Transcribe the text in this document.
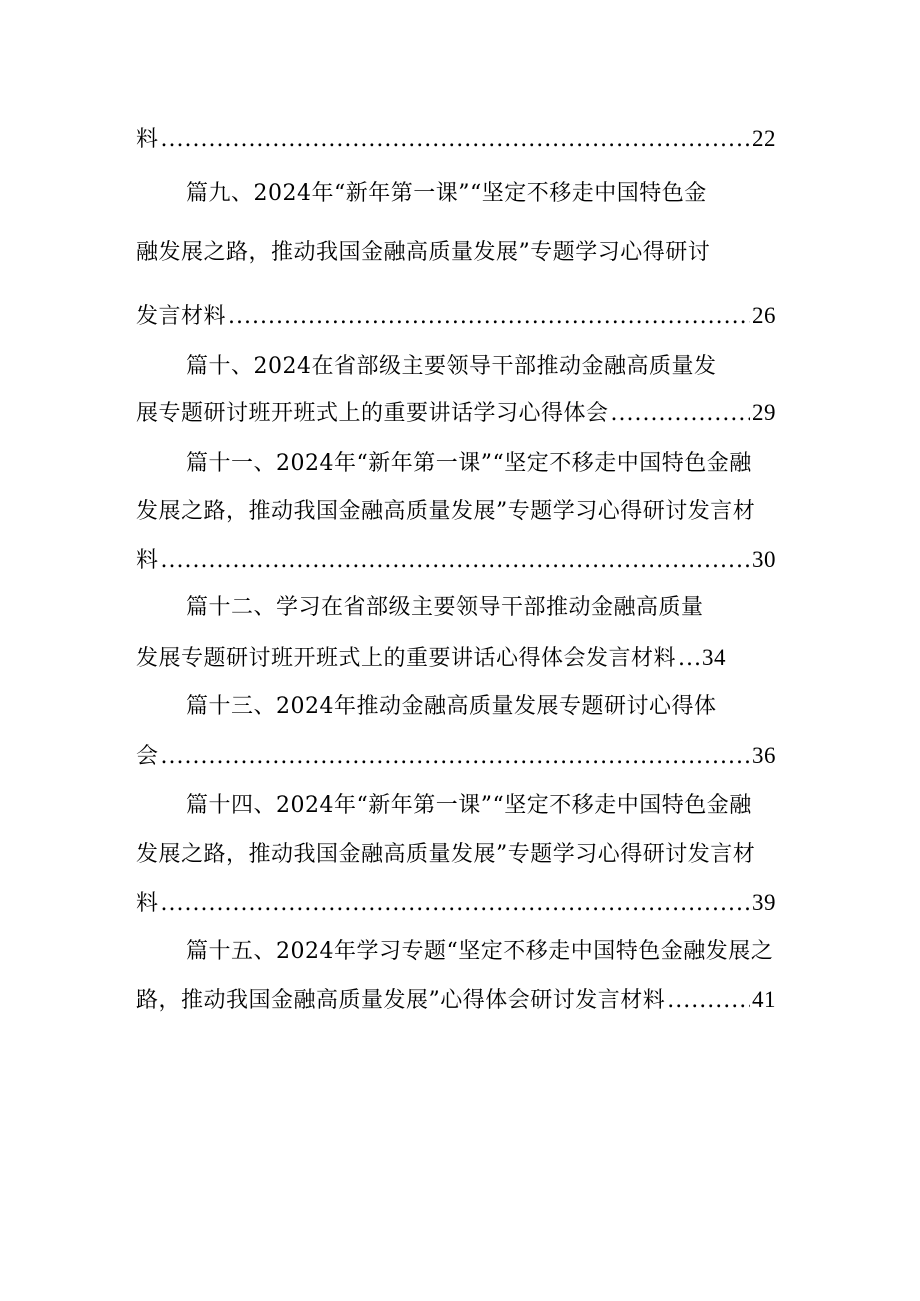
料 .....	22
篇九、2024年“新年第一课”“坚定不移走中国特色金
融发展之路，推动我国金融高质量发展”专题学习心得研讨
发言材料 .....	26
篇十、2024在省部级主要领导干部推动金融高质量发
展专题研讨班开班式上的重要讲话学习心得体会 .....	29
篇十一、2024年“新年第一课”“坚定不移走中国特色金融
发展之路，推动我国金融高质量发展”专题学习心得研讨发言材
料 .....	30
篇十二、学习在省部级主要领导干部推动金融高质量
发展专题研讨班开班式上的重要讲话心得体会发言材料 ..... 34
篇十三、2024年推动金融高质量发展专题研讨心得体
会 .....	36
篇十四、2024年“新年第一课”“坚定不移走中国特色金融
发展之路，推动我国金融高质量发展”专题学习心得研讨发言材
料 .....	39
篇十五、2024年学习专题“坚定不移走中国特色金融发展之
路，推动我国金融高质量发展”心得体会研讨发言材料 .....	41
